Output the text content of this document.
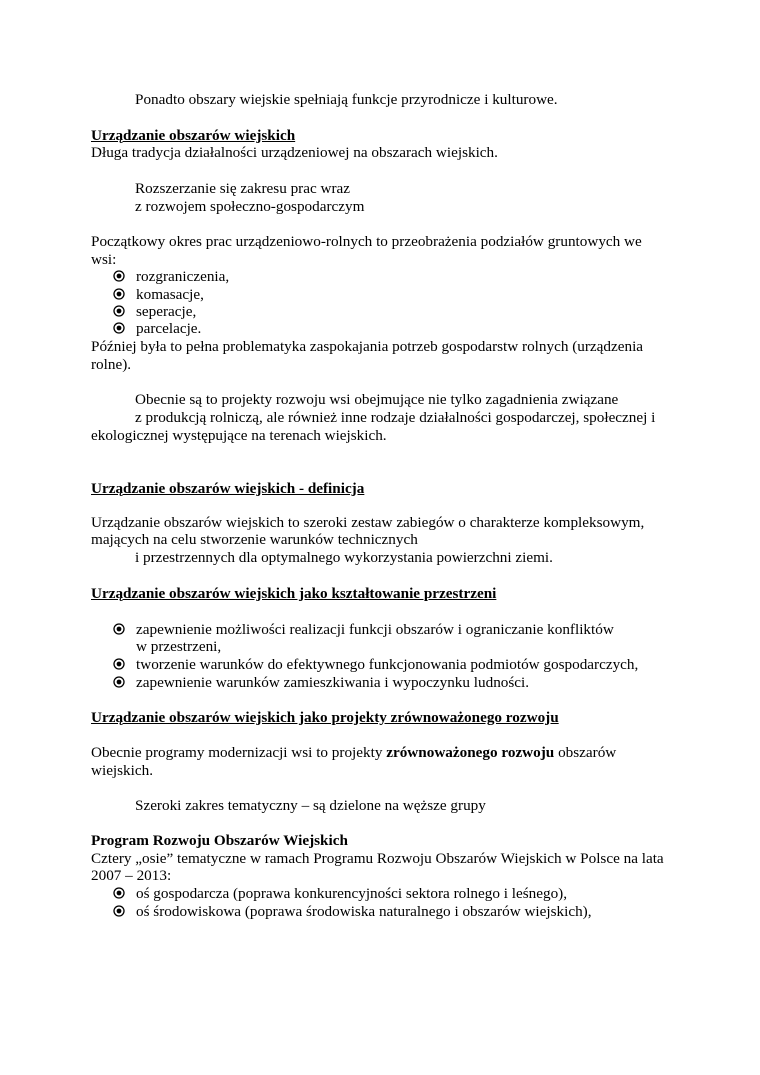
Ponadto obszary wiejskie spełniają funkcje przyrodnicze i kulturowe.
Urządzanie obszarów wiejskich
Długa tradycja działalności urządzeniowej na obszarach wiejskich.
Rozszerzanie się zakresu prac wraz
z rozwojem społeczno-gospodarczym
Początkowy okres prac urządzeniowo-rolnych to przeobrażenia podziałów gruntowych we
wsi:
rozgraniczenia,
komasacje,
seperacje,
parcelacje.
Później była to pełna problematyka zaspokajania potrzeb gospodarstw rolnych (urządzenia
rolne).
Obecnie są to projekty rozwoju wsi obejmujące nie tylko zagadnienia związane
z produkcją rolniczą, ale również inne rodzaje działalności gospodarczej, społecznej i
ekologicznej występujące na terenach wiejskich.
Urządzanie obszarów wiejskich - definicja
Urządzanie obszarów wiejskich to szeroki zestaw zabiegów o charakterze kompleksowym,
mających na celu stworzenie warunków technicznych
i przestrzennych dla optymalnego wykorzystania powierzchni ziemi.
Urządzanie obszarów wiejskich jako kształtowanie przestrzeni
zapewnienie możliwości realizacji funkcji obszarów i ograniczanie konfliktów
w przestrzeni,
tworzenie warunków do efektywnego funkcjonowania podmiotów gospodarczych,
zapewnienie warunków zamieszkiwania i wypoczynku ludności.
Urządzanie obszarów wiejskich jako projekty zrównoważonego rozwoju
Obecnie programy modernizacji wsi to projekty zrównoważonego rozwoju obszarów
wiejskich.
Szeroki zakres tematyczny – są dzielone na węższe grupy
Program Rozwoju Obszarów Wiejskich
Cztery „osie” tematyczne w ramach Programu Rozwoju Obszarów Wiejskich w Polsce na lata
2007 – 2013:
oś gospodarcza (poprawa konkurencyjności sektora rolnego i leśnego),
oś środowiskowa (poprawa środowiska naturalnego i obszarów wiejskich),
